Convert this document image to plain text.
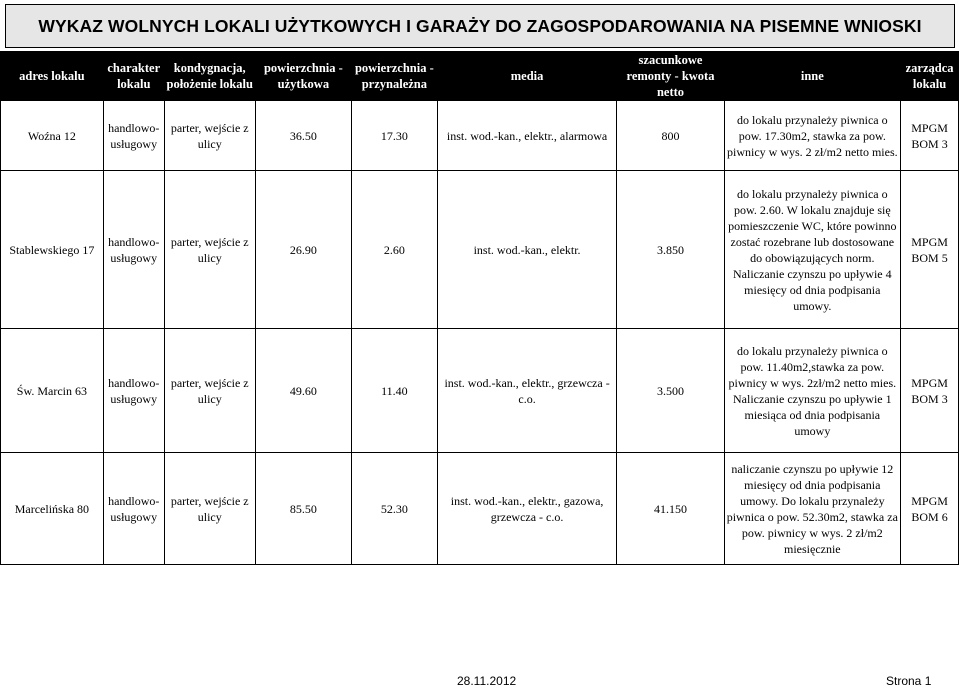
WYKAZ WOLNYCH LOKALI UŻYTKOWYCH I GARAŻY DO ZAGOSPODAROWANIA NA PISEMNE WNIOSKI
adres lokalu	charakter lokalu	kondygnacja, położenie lokalu	powierzchnia - użytkowa	powierzchnia - przynależna	media	szacunkowe remonty - kwota netto	inne	zarządca lokalu
Woźna 12	handlowo-usługowy	parter, wejście z ulicy	36.50	17.30	inst. wod.-kan., elektr., alarmowa	800	do lokalu przynależy piwnica o pow. 17.30m2, stawka za pow. piwnicy w wys. 2 zł/m2 netto mies.	MPGM BOM 3
Stablewskiego 17	handlowo-usługowy	parter, wejście z ulicy	26.90	2.60	inst. wod.-kan., elektr.	3.850	do lokalu przynależy piwnica o pow. 2.60. W lokalu znajduje się pomieszczenie WC, które powinno zostać rozebrane lub dostosowane do obowiązujących norm. Naliczanie czynszu po upływie 4 miesięcy od dnia podpisania umowy.	MPGM BOM 5
Św. Marcin 63	handlowo-usługowy	parter, wejście z ulicy	49.60	11.40	inst. wod.-kan., elektr., grzewcza - c.o.	3.500	do lokalu przynależy piwnica o pow. 11.40m2,stawka za pow. piwnicy w wys. 2zł/m2 netto mies. Naliczanie czynszu po upływie 1 miesiąca od dnia podpisania umowy	MPGM BOM 3
Marcelińska 80	handlowo-usługowy	parter, wejście z ulicy	85.50	52.30	inst. wod.-kan., elektr., gazowa, grzewcza - c.o.	41.150	naliczanie czynszu po upływie 12 miesięcy od dnia podpisania umowy. Do lokalu przynależy piwnica o pow. 52.30m2, stawka za pow. piwnicy w wys. 2 zł/m2 miesięcznie	MPGM BOM 6
28.11.2012	Strona 1
